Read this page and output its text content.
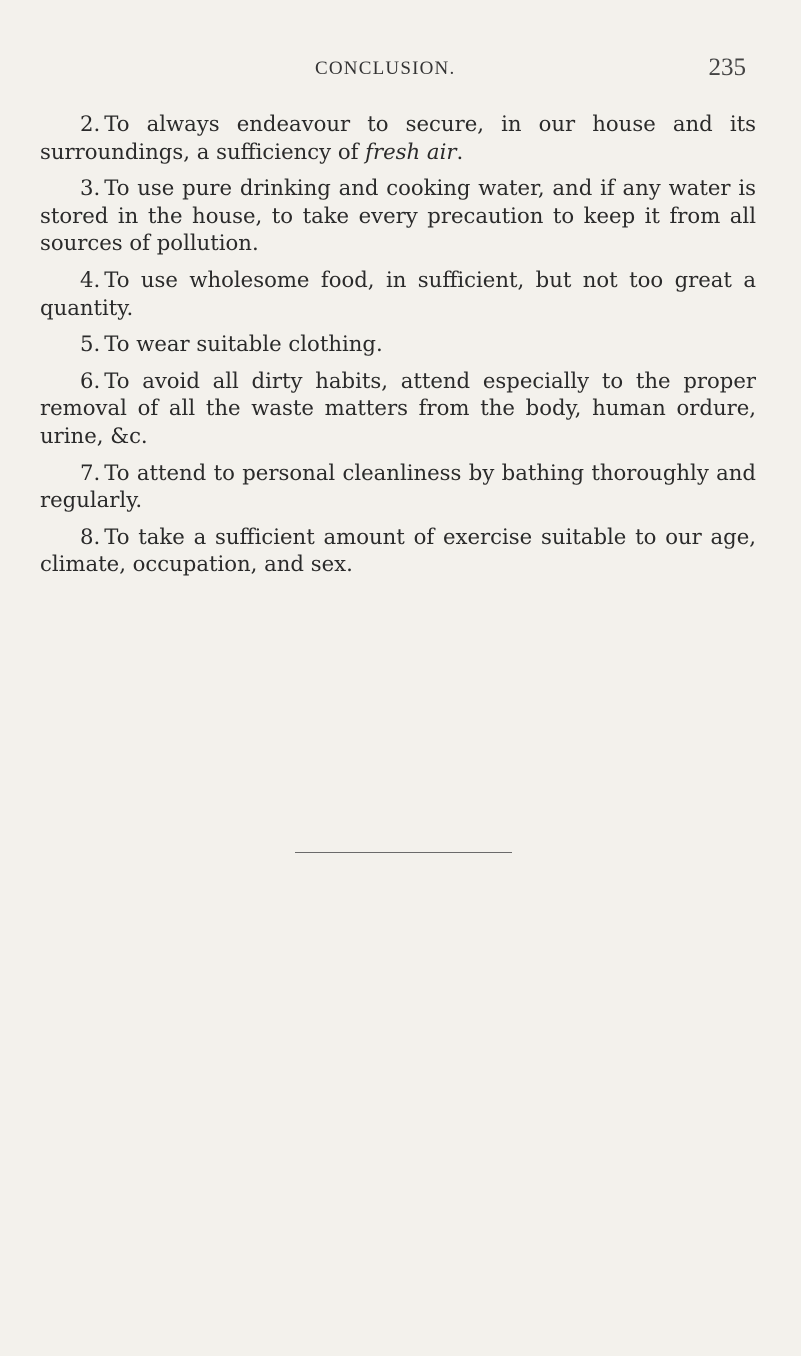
CONCLUSION.	235

2. To always endeavour to secure, in our house and its surroundings, a sufficiency of fresh air.

3. To use pure drinking and cooking water, and if any water is stored in the house, to take every precaution to keep it from all sources of pollution.

4. To use wholesome food, in sufficient, but not too great a quantity.

5. To wear suitable clothing.

6. To avoid all dirty habits, attend especially to the proper removal of all the waste matters from the body, human ordure, urine, &c.

7. To attend to personal cleanliness by bathing thoroughly and regularly.

8. To take a sufficient amount of exercise suitable to our age, climate, occupation, and sex.
